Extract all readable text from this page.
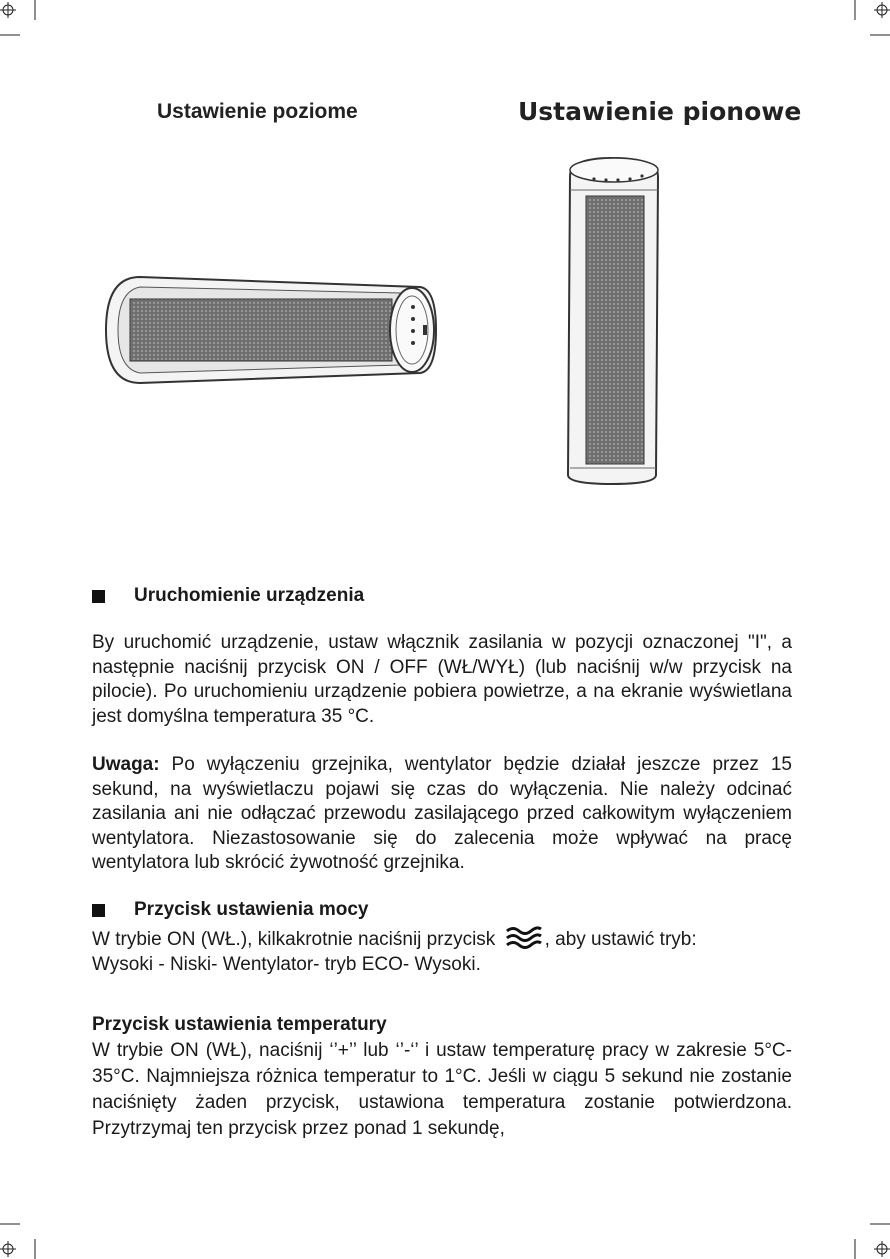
Ustawienie poziome	Ustawienie pionowe
Uruchomienie urządzenia

By uruchomić urządzenie, ustaw włącznik zasilania w pozycji oznaczonej "I", a następnie naciśnij przycisk ON / OFF (WŁ/WYŁ) (lub naciśnij w/w przycisk na pilocie). Po uruchomieniu urządzenie pobiera powietrze, a na ekranie wyświetlana jest domyślna temperatura 35 °C.

Uwaga: Po wyłączeniu grzejnika, wentylator będzie działał jeszcze przez 15 sekund, na wyświetlaczu pojawi się czas do wyłączenia. Nie należy odcinać zasilania ani nie odłączać przewodu zasilającego przed całkowitym wyłączeniem wentylatora. Niezastosowanie się do zalecenia może wpływać na pracę wentylatora lub skrócić żywotność grzejnika.

Przycisk ustawienia mocy
W trybie ON (WŁ.), kilkakrotnie naciśnij przycisk , aby ustawić tryb:
Wysoki - Niski- Wentylator- tryb ECO- Wysoki.
Przycisk ustawienia temperatury

W trybie ON (WŁ), naciśnij ‘’+’’ lub ‘’-‘’ i ustaw temperaturę pracy w zakresie 5°C-35°C. Najmniejsza różnica temperatur to 1°C. Jeśli w ciągu 5 sekund nie zostanie naciśnięty żaden przycisk, ustawiona temperatura zostanie potwierdzona. Przytrzymaj ten przycisk przez ponad 1 sekundę,
